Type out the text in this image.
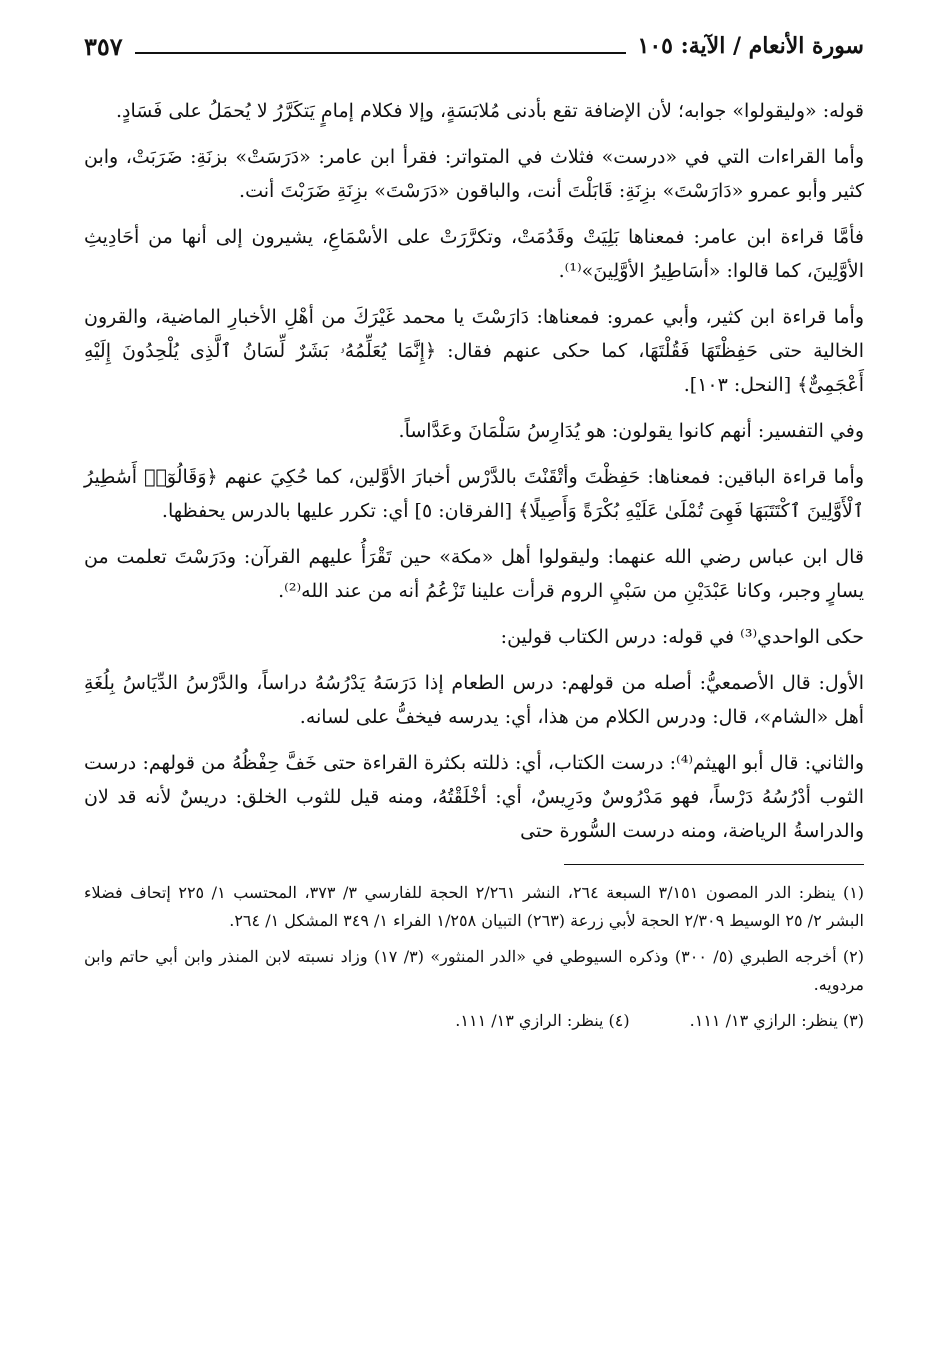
سورة الأنعام / الآية: ١٠٥
٣٥٧

قوله: «وليقولوا» جوابه؛ لأن الإضافة تقع بأدنى مُلابَسَةٍ، وإلا فكلام إمامٍ يَتكَرَّرُ لا يُحمَلُ على فَسَادٍ.

وأما القراءات التي في «درست» فثلاث في المتواتر: فقرأ ابن عامر: «دَرَسَتْ» بزنَةِ: ضَرَبَتْ، وابن كثير وأبو عمرو «دَارَسْتَ» بزِنَةِ: قَابَلْتَ أنت، والباقون «دَرَسْتَ» بزِنَةِ ضَرَبْتَ أنت.

فأمَّا قراءة ابن عامر: فمعناها بَلِيَتْ وقَدُمَتْ، وتكرَّرَتْ على الأسْمَاعِ، يشيرون إلى أنها من أحَادِيثِ الأوَّلِينَ، كما قالوا: «أسَاطِيرُ الأوَّلِينَ»⁽¹⁾.

وأما قراءة ابن كثير، وأبي عمرو: فمعناها: دَارَسْتَ يا محمد غَيْرَكَ من أهْلِ الأخبارِ الماضية، والقرون الخالية حتى حَفِظْتَهَا فَقُلْتَهَا، كما حكى عنهم فقال: ﴿إِنَّمَا يُعَلِّمُهُۥ بَشَرٌ لِّسَانُ ٱلَّذِى يُلْحِدُونَ إِلَيْهِ أَعْجَمِىٌّ﴾ [النحل: ١٠٣].

وفي التفسير: أنهم كانوا يقولون: هو يُدَارِسُ سَلْمَانَ وعَدَّاساً.

وأما قراءة الباقين: فمعناها: حَفِظْتَ وأتْقَنْتَ بالدَّرْس أخبارَ الأوَّلين، كما حُكِيَ عنهم ﴿وَقَالُوٓا۟ أَسَٰطِيرُ ٱلْأَوَّلِينَ ٱكْتَتَبَهَا فَهِىَ تُمْلَىٰ عَلَيْهِ بُكْرَةً وَأَصِيلًا﴾ [الفرقان: ٥] أي: تكرر عليها بالدرس يحفظها.

قال ابن عباس رضي الله عنهما: وليقولوا أهل «مكة» حين تَقْرَأُ عليهم القرآن: ودَرَسْتَ تعلمت من يسارٍ وجبر، وكانا عَبْدَيْنِ من سَبْيِ الروم قرأت علينا تَزْعُمُ أنه من عند الله⁽²⁾.

حكى الواحدي⁽³⁾ في قوله: درس الكتاب قولين:

الأول: قال الأصمعيُّ: أصله من قولهم: درس الطعام إذا دَرَسَهُ يَدْرُسُهُ دراساً، والدَّرْسُ الدِّيَاسُ بِلُغَةِ أهل «الشام»، قال: ودرس الكلام من هذا، أي: يدرسه فيخفُّ على لسانه.

والثاني: قال أبو الهيثم⁽⁴⁾: درست الكتاب، أي: ذللته بكثرة القراءة حتى خَفَّ حِفْظُهُ من قولهم: درست الثوب أدْرُسُهُ دَرْساً، فهو مَدْرُوسٌ ودَرِيسٌ، أي: أخْلَقْتُهُ، ومنه قيل للثوب الخلق: دريسٌ لأنه قد لان والدراسةُ الرياضة، ومنه درست السُّورة حتى

(١) ينظر: الدر المصون ٣/١٥١ السبعة ٢٦٤، النشر ٢/٢٦١ الحجة للفارسي ٣/ ٣٧٣، المحتسب ١/ ٢٢٥ إتحاف فضلاء البشر ٢/ ٢٥ الوسيط ٢/٣٠٩ الحجة لأبي زرعة (٢٦٣) التبيان ١/٢٥٨ الفراء ١/ ٣٤٩ المشكل ١/ ٢٦٤.

(٢) أخرجه الطبري (٥/ ٣٠٠) وذكره السيوطي في «الدر المنثور» (٣/ ١٧) وزاد نسبته لابن المنذر وابن أبي حاتم وابن مردويه.

(٣) ينظر: الرازي ١٣/ ١١١.
(٤) ينظر: الرازي ١٣/ ١١١.
